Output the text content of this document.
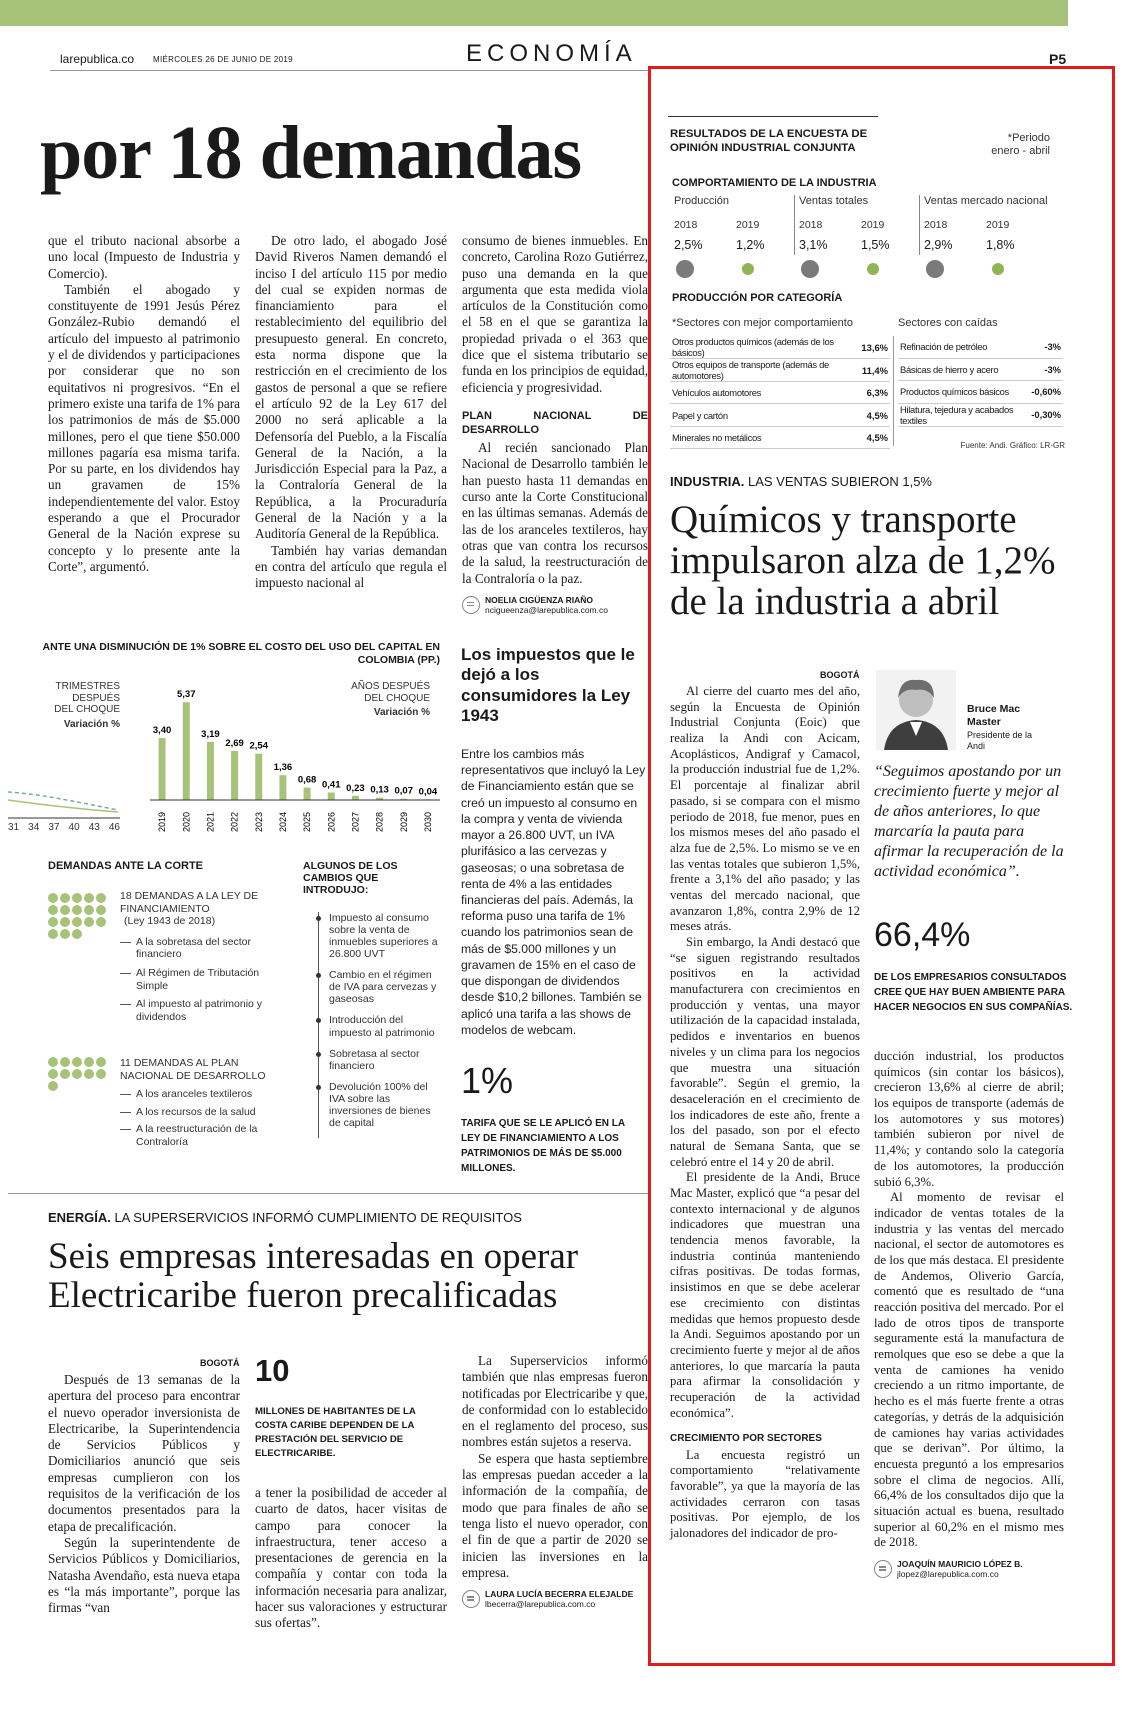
larepublica.co MIÉRCOLES 26 DE JUNIO DE 2019	ECONOMÍA	P5
por 18 demandas

que el tributo nacional absorbe a uno local (Impuesto de Industria y Comercio).

También el abogado y constituyente de 1991 Jesús Pérez González-Rubio demandó el artículo del impuesto al patrimonio y el de dividendos y participaciones por considerar que no son equitativos ni progresivos. “En el primero existe una tarifa de 1% para los patrimonios de más de $5.000 millones, pero el que tiene $50.000 millones pagaría esa misma tarifa. Por su parte, en los dividendos hay un gravamen de 15% independientemente del valor. Estoy esperando a que el Procurador General de la Nación exprese su concepto y lo presente ante la Corte”, argumentó.

De otro lado, el abogado José David Riveros Namen demandó el inciso I del artículo 115 por medio del cual se expiden normas de financiamiento para el restablecimiento del equilibrio del presupuesto general. En concreto, esta norma dispone que la restricción en el crecimiento de los gastos de personal a que se refiere el artículo 92 de la Ley 617 del 2000 no será aplicable a la Defensoría del Pueblo, a la Fiscalía General de la Nación, a la Jurisdicción Especial para la Paz, a la Contraloría General de la República, a la Procuraduría General de la Nación y a la Auditoría General de la República.

También hay varias demandan en contra del artículo que regula el impuesto nacional al

consumo de bienes inmuebles. En concreto, Carolina Rozo Gutiérrez, puso una demanda en la que argumenta que esta medida viola artículos de la Constitución como el 58 en el que se garantiza la propiedad privada o el 363 que dice que el sistema tributario se funda en los principios de equidad, eficiencia y progresividad.

PLAN NACIONAL DE DESARROLLO

Al recién sancionado Plan Nacional de Desarrollo también le han puesto hasta 11 demandas en curso ante la Corte Constitucional en las últimas semanas. Además de las de los aranceles textileros, hay otras que van contra los recursos de la salud, la reestructuración de la Contraloría o la paz.

NOELIA CIGÜENZA RIAÑO
ncigueenza@larepublica.com.co
ANTE UNA DISMINUCIÓN DE 1% SOBRE EL COSTO DEL USO DEL CAPITAL EN COLOMBIA (PP.)
TRIMESTRES
DESPUÉS
DEL CHOQUE
Variación %
31 34 37 40 43 46
AÑOS DESPUÉS
DEL CHOQUE
Variación %
3,40
2019
5,37
2020
3,19
2021
2,69
2022
2,54
2023
1,36
2024
0,68
2025
0,41
2026
0,23
2027
0,13
2028
0,07
2029
0,04
2030
DEMANDAS ANTE LA CORTE
18 DEMANDAS A LA LEY DE FINANCIAMIENTO
(Ley 1943 de 2018)
A la sobretasa del sector financiero
Al Régimen de Tributación Simple
Al impuesto al patrimonio y dividendos
11 DEMANDAS AL PLAN NACIONAL DE DESARROLLO
A los aranceles textileros
A los recursos de la salud
A la reestructuración de la Contraloría
ALGUNOS DE LOS CAMBIOS QUE INTRODUJO:
Impuesto al consumo sobre la venta de inmuebles superiores a 26.800 UVT
Cambio en el régimen de IVA para cervezas y gaseosas
Introducción del impuesto al patrimonio
Sobretasa al sector financiero
Devolución 100% del IVA sobre las inversiones de bienes de capital
Los impuestos que le dejó a los consumidores la Ley 1943
Entre los cambios más representativos que incluyó la Ley de Financiamiento están que se creó un impuesto al consumo en la compra y venta de vivienda mayor a 26.800 UVT, un IVA plurifásico a las cervezas y gaseosas; o una sobretasa de renta de 4% a las entidades financieras del país. Además, la reforma puso una tarifa de 1% cuando los patrimonios sean de más de $5.000 millones y un gravamen de 15% en el caso de que dispongan de dividendos desde $10,2 billones. También se aplicó una tarifa a las shows de modelos de webcam.
1%
TARIFA QUE SE LE APLICÓ EN LA LEY DE FINANCIAMIENTO A LOS PATRIMONIOS DE MÁS DE $5.000 MILLONES.
ENERGÍA. LA SUPERSERVICIOS INFORMÓ CUMPLIMIENTO DE REQUISITOS
Seis empresas interesadas en operar Electricaribe fueron precalificadas
BOGOTÁ

Después de 13 semanas de la apertura del proceso para encontrar el nuevo operador inversionista de Electricaribe, la Superintendencia de Servicios Públicos y Domiciliarios anunció que seis empresas cumplieron con los requisitos de la verificación de los documentos presentados para la etapa de precalificación.

Según la superintendente de Servicios Públicos y Domiciliarios, Natasha Avendaño, esta nueva etapa es “la más importante”, porque las firmas “van

10
MILLONES DE HABITANTES DE LA COSTA CARIBE DEPENDEN DE LA PRESTACIÓN DEL SERVICIO DE ELECTRICARIBE.

a tener la posibilidad de acceder al cuarto de datos, hacer visitas de campo para conocer la infraestructura, tener acceso a presentaciones de gerencia en la compañía y contar con toda la información necesaria para analizar, hacer sus valoraciones y estructurar sus ofertas”.

La Superservicios informó también que nlas empresas fueron notificadas por Electricaribe y que, de conformidad con lo establecido en el reglamento del proceso, sus nombres están sujetos a reserva.

Se espera que hasta septiembre las empresas puedan acceder a la información de la compañía, de modo que para finales de año se tenga listo el nuevo operador, con el fin de que a partir de 2020 se inicien las inversiones en la empresa.

LAURA LUCÍA BECERRA ELEJALDE
lbecerra@larepublica.com.co
RESULTADOS DE LA ENCUESTA DE OPINIÓN INDUSTRIAL CONJUNTA
*Periodo enero - abril
COMPORTAMIENTO DE LA INDUSTRIA
Producción
2018
2,5%
2019
1,2%
Ventas totales
2018
3,1%
2019
1,5%
Ventas mercado nacional
2018
2,9%
2019
1,8%
PRODUCCIÓN POR CATEGORÍA
*Sectores con mejor comportamiento	Sectores con caídas
Otros productos químicos (además de los básicos)	13,6%
Otros equipos de transporte (además de automotores)	11,4%
Vehículos automotores	6,3%
Papel y cartón	4,5%
Minerales no metálicos	4,5%
Refinación de petróleo	-3%
Básicas de hierro y acero	-3%
Productos químicos básicos	-0,60%
Hilatura, tejedura y acabados textiles	-0,30%
Fuente: Andi. Gráfico: LR-GR
INDUSTRIA. LAS VENTAS SUBIERON 1,5%
Químicos y transporte impulsaron alza de 1,2% de la industria a abril
BOGOTÁ

Al cierre del cuarto mes del año, según la Encuesta de Opinión Industrial Conjunta (Eoic) que realiza la Andi con Acicam, Acoplásticos, Andigraf y Camacol, la producción industrial fue de 1,2%. El porcentaje al finalizar abril pasado, si se compara con el mismo periodo de 2018, fue menor, pues en los mismos meses del año pasado el alza fue de 2,5%. Lo mismo se ve en las ventas totales que subieron 1,5%, frente a 3,1% del año pasado; y las ventas del mercado nacional, que avanzaron 1,8%, contra 2,9% de 12 meses atrás.

Sin embargo, la Andi destacó que “se siguen registrando resultados positivos en la actividad manufacturera con crecimientos en producción y ventas, una mayor utilización de la capacidad instalada, pedidos e inventarios en buenos niveles y un clima para los negocios que muestra una situación favorable”. Según el gremio, la desaceleración en el crecimiento de los indicadores de este año, frente a los del pasado, son por el efecto natural de Semana Santa, que se celebró entre el 14 y 20 de abril.

El presidente de la Andi, Bruce Mac Master, explicó que “a pesar del contexto internacional y de algunos indicadores que muestran una tendencia menos favorable, la industria continúa manteniendo cifras positivas. De todas formas, insistimos en que se debe acelerar ese crecimiento con distintas medidas que hemos propuesto desde la Andi. Seguimos apostando por un crecimiento fuerte y mejor al de años anteriores, lo que marcaría la pauta para afirmar la consolidación y recuperación de la actividad económica”.

CRECIMIENTO POR SECTORES

La encuesta registró un comportamiento “relativamente favorable”, ya que la mayoría de las actividades cerraron con tasas positivas. Por ejemplo, de los jalonadores del indicador de pro-

Bruce Mac Master
Presidente de la Andi
“Seguimos apostando por un crecimiento fuerte y mejor al de años anteriores, lo que marcaría la pauta para afirmar la recuperación de la actividad económica”.
66,4%
DE LOS EMPRESARIOS CONSULTADOS CREE QUE HAY BUEN AMBIENTE PARA HACER NEGOCIOS EN SUS COMPAÑÍAS.

ducción industrial, los productos químicos (sin contar los básicos), crecieron 13,6% al cierre de abril; los equipos de transporte (además de los automotores y sus motores) también subieron por nivel de 11,4%; y contando solo la categoría de los automotores, la producción subió 6,3%.

Al momento de revisar el indicador de ventas totales de la industria y las ventas del mercado nacional, el sector de automotores es de los que más destaca. El presidente de Andemos, Oliverio García, comentó que es resultado de “una reacción positiva del mercado. Por el lado de otros tipos de transporte seguramente está la manufactura de remolques que eso se debe a que la venta de camiones ha venido creciendo a un ritmo importante, de hecho es el más fuerte frente a otras categorías, y detrás de la adquisición de camiones hay varias actividades que se derivan”. Por último, la encuesta preguntó a los empresarios sobre el clima de negocios. Allí, 66,4% de los consultados dijo que la situación actual es buena, resultado superior al 60,2% en el mismo mes de 2018.

JOAQUÍN MAURICIO LÓPEZ B.
jlopez@larepublica.com.co
